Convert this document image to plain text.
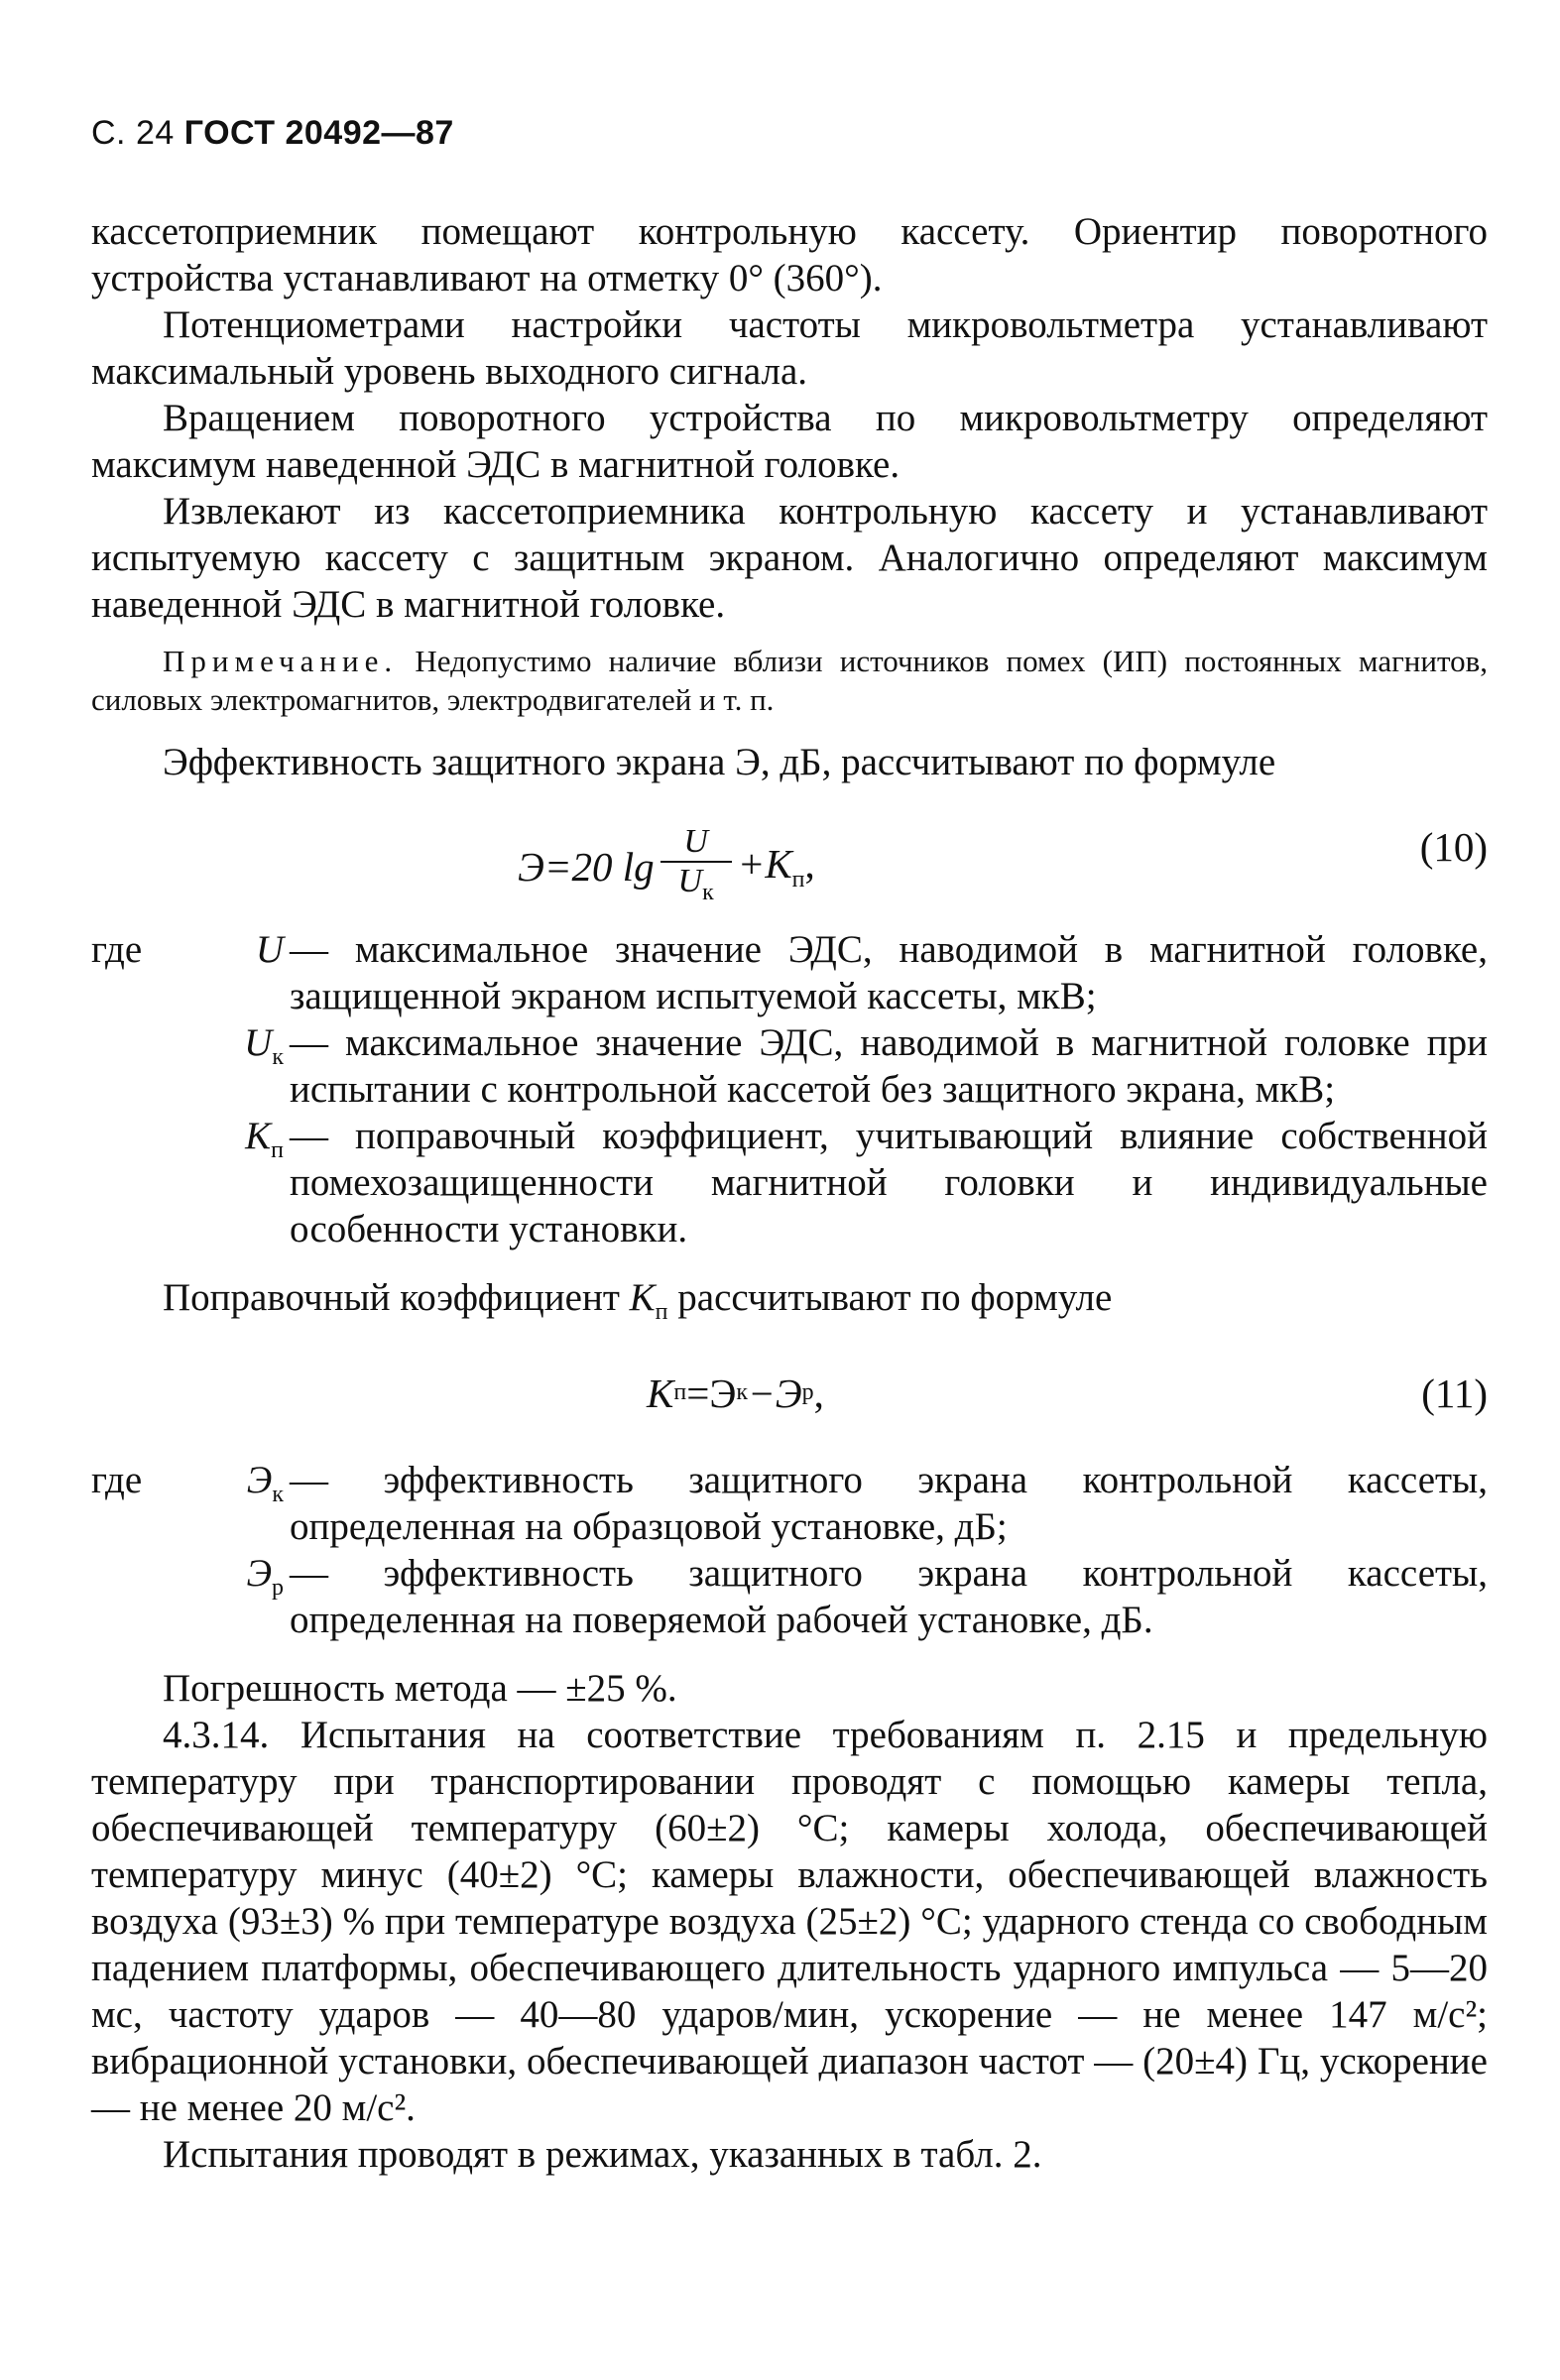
С. 24 ГОСТ 20492—87

кассетоприемник помещают контрольную кассету. Ориентир поворотного устройства устанавливают на отметку 0° (360°).

Потенциометрами настройки частоты микровольтметра устанавливают максимальный уровень выходного сигнала.

Вращением поворотного устройства по микровольтметру определяют максимум наведенной ЭДС в магнитной головке.

Извлекают из кассетоприемника контрольную кассету и устанавливают испытуемую кассету с защитным экраном. Аналогично определяют максимум наведенной ЭДС в магнитной головке.

Примечание. Недопустимо наличие вблизи источников помех (ИП) постоянных магнитов, силовых электромагнитов, электродвигателей и т. п.

Эффективность защитного экрана Э, дБ, рассчитывают по формуле

Э=20 $\lg \frac{U}{U_к} +K_п$,	(10)
где	U — максимальное значение ЭДС, наводимой в магнитной головке, защищенной экраном испытуемой кассеты, мкВ;
$U_к$ — максимальное значение ЭДС, наводимой в магнитной головке при испытании с контрольной кассетой без защитного экрана, мкВ;
$K_п$ — поправочный коэффициент, учитывающий влияние собственной помехозащищенности магнитной головки и индивидуальные особенности установки.

Поправочный коэффициент $K_п$ рассчитывают по формуле

K п =Э к −Э р ,	(11)
где	$Э_к$ — эффективность защитного экрана контрольной кассеты, определенная на образцовой установке, дБ;
$Э_р$ — эффективность защитного экрана контрольной кассеты, определенная на поверяемой рабочей установке, дБ.

Погрешность метода — ±25 %.

4.3.14. Испытания на соответствие требованиям п. 2.15 и предельную температуру при транспортировании проводят с помощью камеры тепла, обеспечивающей температуру (60±2) °С; камеры холода, обеспечивающей температуру минус (40±2) °С; камеры влажности, обеспечивающей влажность воздуха (93±3) % при температуре воздуха (25±2) °С; ударного стенда со свободным падением платформы, обеспечивающего длительность ударного импульса — 5—20 мс, частоту ударов — 40—80 ударов/мин, ускорение — не менее 147 м/с²; вибрационной установки, обеспечивающей диапазон частот — (20±4) Гц, ускорение — не менее 20 м/с².

Испытания проводят в режимах, указанных в табл. 2.
